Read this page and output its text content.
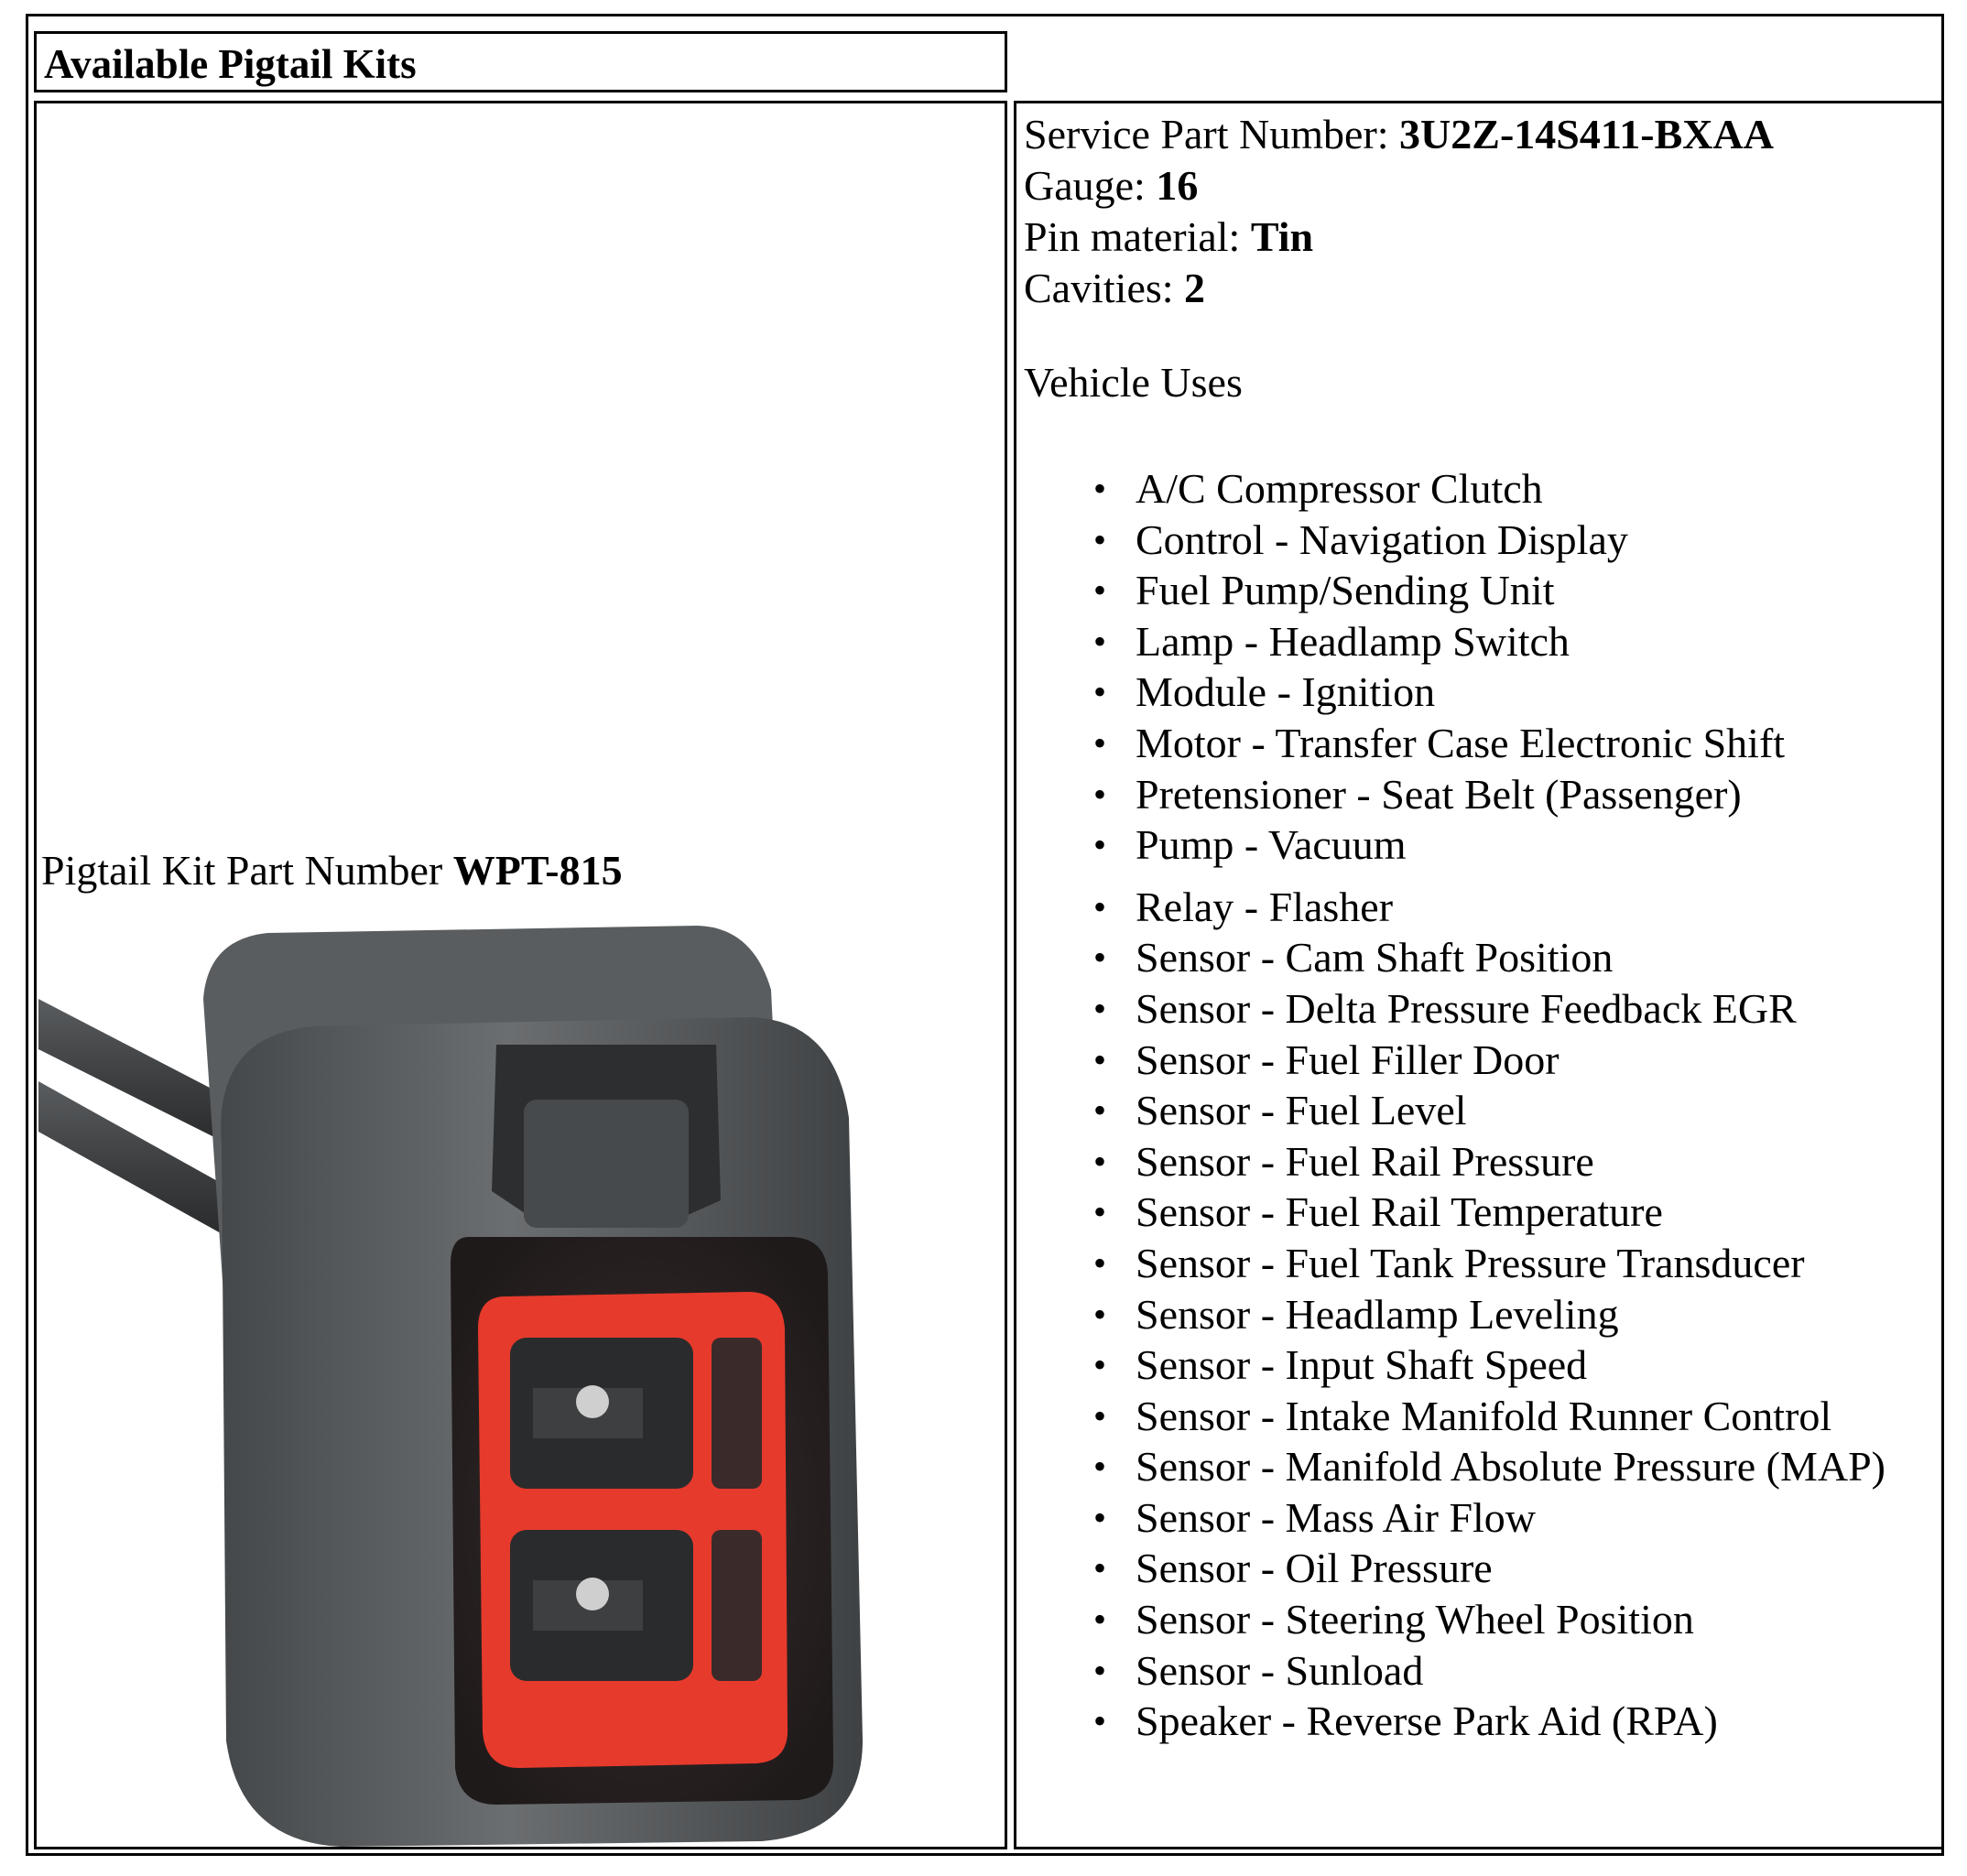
Available Pigtail Kits
Pigtail Kit Part Number WPT-815
Service Part Number: 3U2Z-14S411-BXAA
Gauge: 16
Pin material: Tin
Cavities: 2
Vehicle Uses
• A/C Compressor Clutch
• Control - Navigation Display
• Fuel Pump/Sending Unit
• Lamp - Headlamp Switch
• Module - Ignition
• Motor - Transfer Case Electronic Shift
• Pretensioner - Seat Belt (Passenger)
• Pump - Vacuum
• Relay - Flasher
• Sensor - Cam Shaft Position
• Sensor - Delta Pressure Feedback EGR
• Sensor - Fuel Filler Door
• Sensor - Fuel Level
• Sensor - Fuel Rail Pressure
• Sensor - Fuel Rail Temperature
• Sensor - Fuel Tank Pressure Transducer
• Sensor - Headlamp Leveling
• Sensor - Input Shaft Speed
• Sensor - Intake Manifold Runner Control
• Sensor - Manifold Absolute Pressure (MAP)
• Sensor - Mass Air Flow
• Sensor - Oil Pressure
• Sensor - Steering Wheel Position
• Sensor - Sunload
• Speaker - Reverse Park Aid (RPA)
